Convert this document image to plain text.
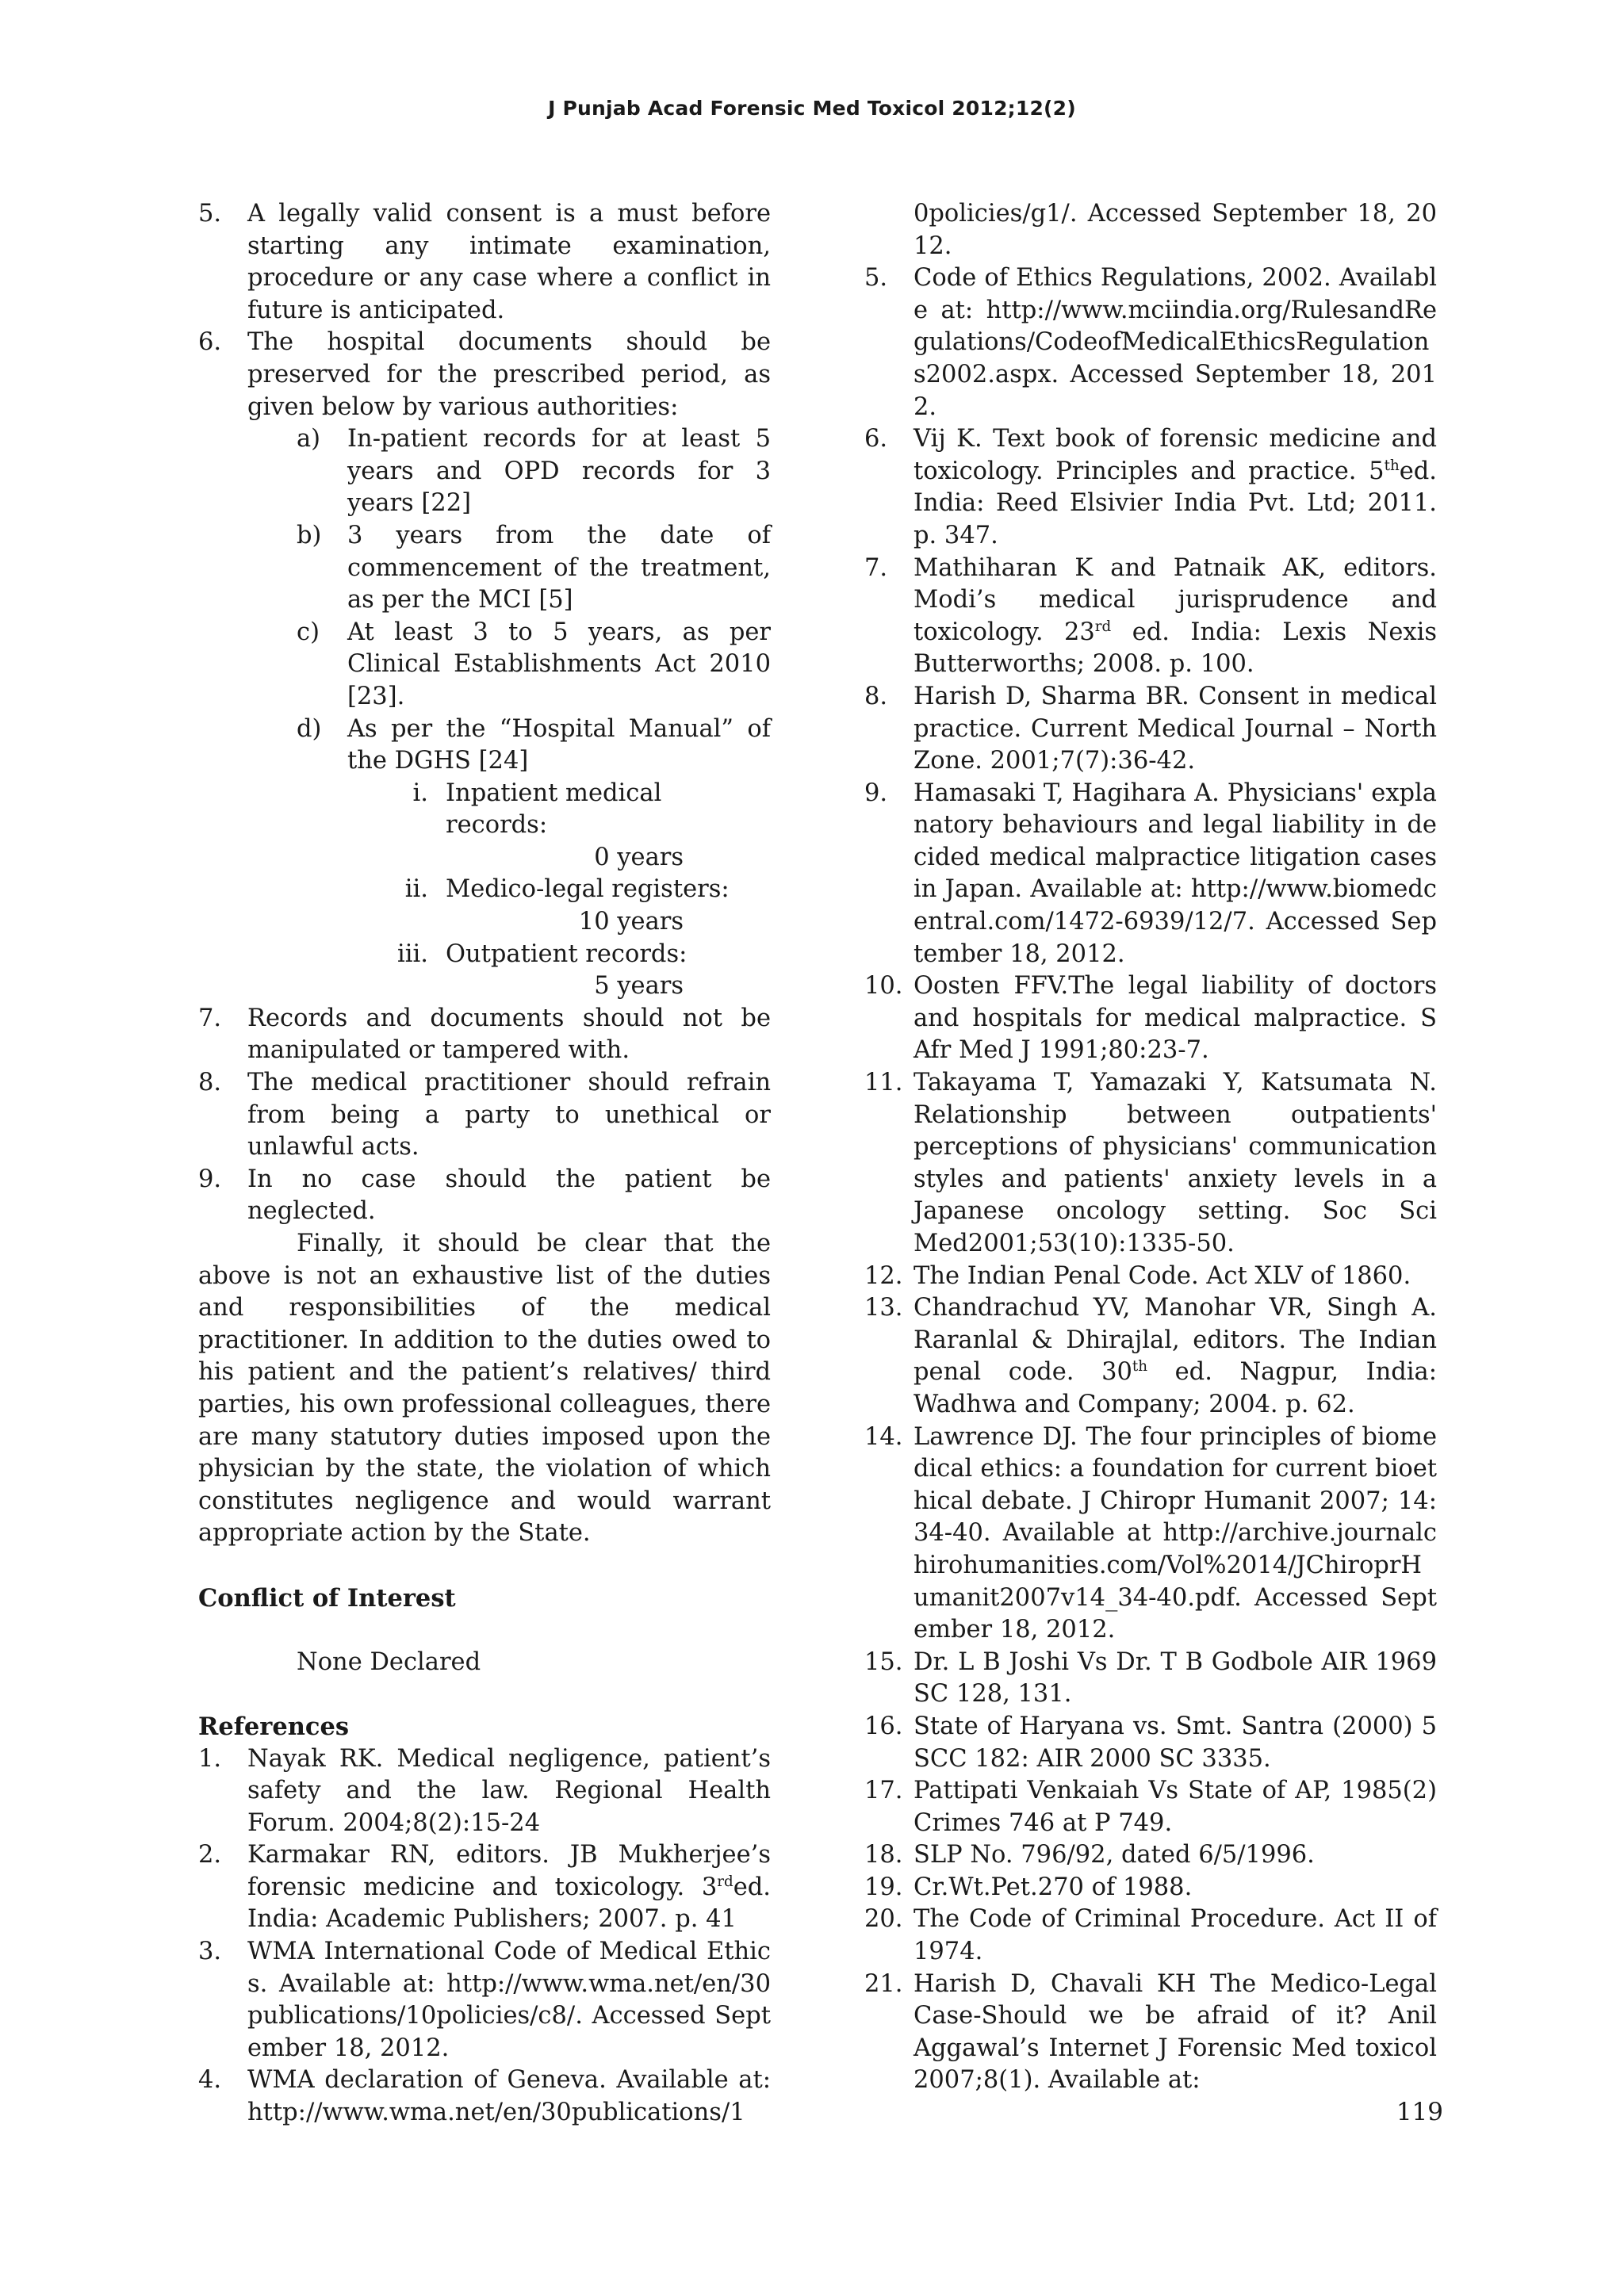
J Punjab Acad Forensic Med Toxicol 2012;12(2)
5. A legally valid consent is a must before starting any intimate examination, procedure or any case where a conflict in future is anticipated.
6. The hospital documents should be preserved for the prescribed period, as given below by various authorities:
a) In-patient records for at least 5 years and OPD records for 3 years [22]
b) 3 years from the date of commencement of the treatment, as per the MCI [5]
c) At least 3 to 5 years, as per Clinical Establishments Act 2010 [23].
d) As per the “Hospital Manual” of the DGHS [24]
i. Inpatient medical records:
0 years
ii. Medico-legal registers:
10 years
iii. Outpatient records:
5 years
7. Records and documents should not be manipulated or tampered with.
8. The medical practitioner should refrain from being a party to unethical or unlawful acts.
9. In no case should the patient be neglected.
Finally, it should be clear that the above is not an exhaustive list of the duties and responsibilities of the medical practitioner. In addition to the duties owed to his patient and the patient’s relatives/ third parties, his own professional colleagues, there are many statutory duties imposed upon the physician by the state, the violation of which constitutes negligence and would warrant appropriate action by the State.
Conflict of Interest
None Declared
References
1. Nayak RK. Medical negligence, patient’s safety and the law. Regional Health Forum. 2004;8(2):15-24
2. Karmakar RN, editors. JB Mukherjee’s forensic medicine and toxicology. 3rded. India: Academic Publishers; 2007. p. 41
3. WMA International Code of Medical Ethics. Available at: http://www.wma.net/en/30publications/10policies/c8/. Accessed September 18, 2012.
4. WMA declaration of Geneva. Available at: http://www.wma.net/en/30publications/1
0policies/g1/. Accessed September 18, 2012.
5. Code of Ethics Regulations, 2002. Available at: http://www.mciindia.org/RulesandRegulations/CodeofMedicalEthicsRegulations2002.aspx. Accessed September 18, 2012.
6. Vij K. Text book of forensic medicine and toxicology. Principles and practice. 5thed. India: Reed Elsivier India Pvt. Ltd; 2011. p. 347.
7. Mathiharan K and Patnaik AK, editors. Modi’s medical jurisprudence and toxicology. 23rd ed. India: Lexis Nexis Butterworths; 2008. p. 100.
8. Harish D, Sharma BR. Consent in medical practice. Current Medical Journal – North Zone. 2001;7(7):36-42.
9. Hamasaki T, Hagihara A. Physicians' explanatory behaviours and legal liability in decided medical malpractice litigation cases in Japan. Available at: http://www.biomedcentral.com/1472-6939/12/7. Accessed September 18, 2012.
10. Oosten FFV.The legal liability of doctors and hospitals for medical malpractice. S Afr Med J 1991;80:23-7.
11. Takayama T, Yamazaki Y, Katsumata N. Relationship between outpatients' perceptions of physicians' communication styles and patients' anxiety levels in a Japanese oncology setting. Soc Sci Med2001;53(10):1335-50.
12. The Indian Penal Code. Act XLV of 1860.
13. Chandrachud YV, Manohar VR, Singh A. Raranlal & Dhirajlal, editors. The Indian penal code. 30th ed. Nagpur, India: Wadhwa and Company; 2004. p. 62.
14. Lawrence DJ. The four principles of biomedical ethics: a foundation for current bioethical debate. J Chiropr Humanit 2007; 14:34-40. Available at http://archive.journalchirohumanities.com/Vol%2014/JChiroprHumanit2007v14_34-40.pdf. Accessed September 18, 2012.
15. Dr. L B Joshi Vs Dr. T B Godbole AIR 1969 SC 128, 131.
16. State of Haryana vs. Smt. Santra (2000) 5 SCC 182: AIR 2000 SC 3335.
17. Pattipati Venkaiah Vs State of AP, 1985(2) Crimes 746 at P 749.
18. SLP No. 796/92, dated 6/5/1996.
19. Cr.Wt.Pet.270 of 1988.
20. The Code of Criminal Procedure. Act II of 1974.
21. Harish D, Chavali KH The Medico-Legal Case-Should we be afraid of it? Anil Aggawal’s Internet J Forensic Med toxicol 2007;8(1). Available at:
119
